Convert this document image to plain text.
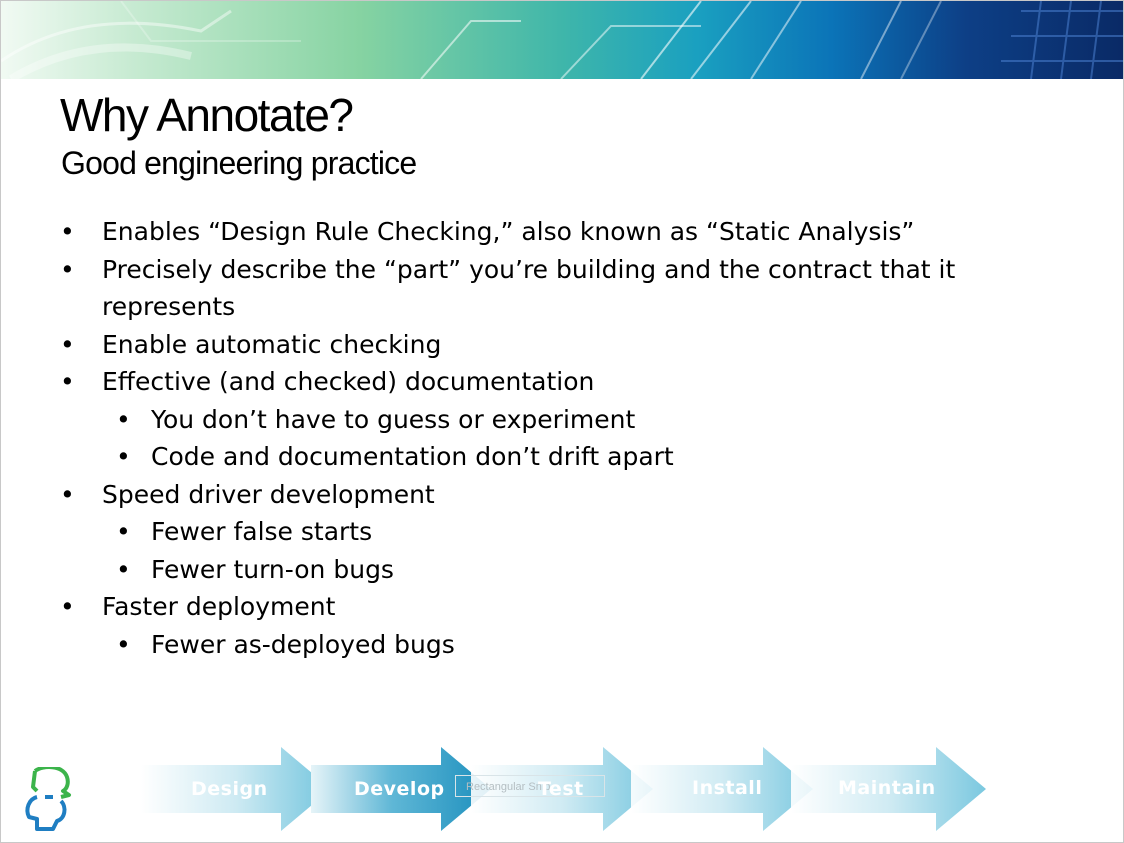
Why Annotate?
Good engineering practice
• Enables “Design Rule Checking,” also known as “Static Analysis”
• Precisely describe the “part” you’re building and the contract that it
represents
• Enable automatic checking
• Effective (and checked) documentation
• You don’t have to guess or experiment
• Code and documentation don’t drift apart
• Speed driver development
• Fewer false starts
• Fewer turn-on bugs
• Faster deployment
• Fewer as-deployed bugs
Rectangular Snip
Design	Develop	Test	Install	Maintain
